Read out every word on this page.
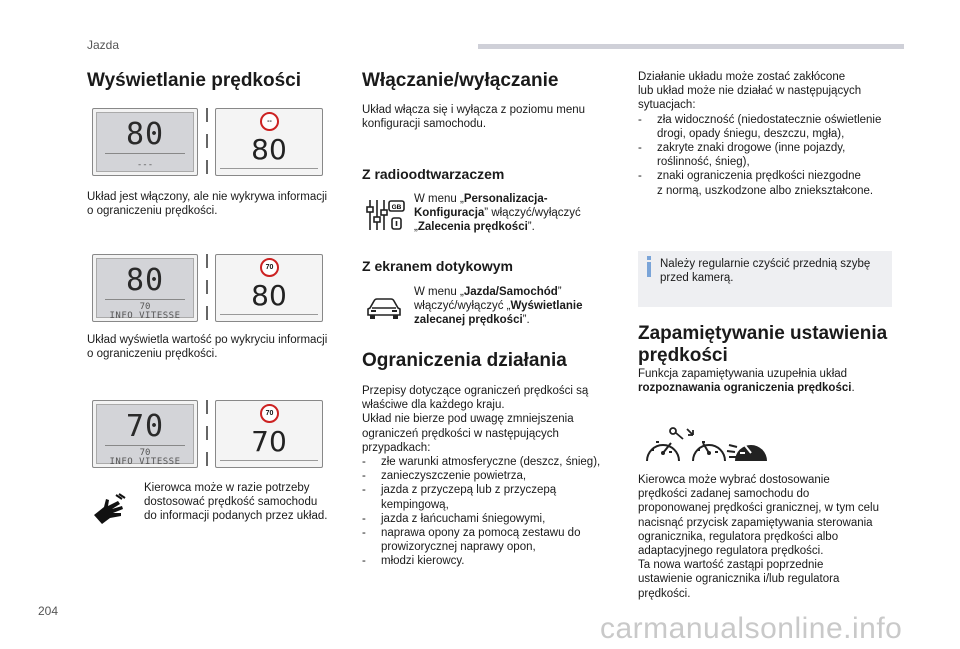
Jazda
Wyświetlanie prędkości
80
---
--
80
Układ jest włączony, ale nie wykrywa informacji
o ograniczeniu prędkości.
80
70
INFO VITESSE
70
80
Układ wyświetla wartość po wykryciu informacji
o ograniczeniu prędkości.
70
70
INFO VITESSE
70
70
Kierowca może w razie potrzeby
dostosować prędkość samochodu
do informacji podanych przez układ.
Włączanie/wyłączanie
Układ włącza się i wyłącza z poziomu menu
konfiguracji samochodu.
Z radioodtwarzaczem
GB
W menu „Personalizacja-
Konfiguracja” włączyć/wyłączyć
„Zalecenia prędkości”.
Z ekranem dotykowym
W menu „Jazda/Samochód”
włączyć/wyłączyć „Wyświetlanie
zalecanej prędkości”.
Ograniczenia działania
Przepisy dotyczące ograniczeń prędkości są
właściwe dla każdego kraju.
Układ nie bierze pod uwagę zmniejszenia
ograniczeń prędkości w następujących
przypadkach:
- złe warunki atmosferyczne (deszcz, śnieg),
- zanieczyszczenie powietrza,
- jazda z przyczepą lub z przyczepą
kempingową,
- jazda z łańcuchami śniegowymi,
- naprawa opony za pomocą zestawu do
prowizorycznej naprawy opon,
- młodzi kierowcy.
Działanie układu może zostać zakłócone
lub układ może nie działać w następujących
sytuacjach:
- zła widoczność (niedostatecznie oświetlenie
drogi, opady śniegu, deszczu, mgła),
- zakryte znaki drogowe (inne pojazdy,
roślinność, śnieg),
- znaki ograniczenia prędkości niezgodne
z normą, uszkodzone albo zniekształcone.
Należy regularnie czyścić przednią szybę
przed kamerą.
Zapamiętywanie ustawienia
prędkości
Funkcja zapamiętywania uzupełnia układ
rozpoznawania ograniczenia prędkości.
Kierowca może wybrać dostosowanie
prędkości zadanej samochodu do
proponowanej prędkości granicznej, w tym celu
nacisnąć przycisk zapamiętywania sterowania
ogranicznika, regulatora prędkości albo
adaptacyjnego regulatora prędkości.
Ta nowa wartość zastąpi poprzednie
ustawienie ogranicznika i/lub regulatora
prędkości.
204
carmanualsonline.info
